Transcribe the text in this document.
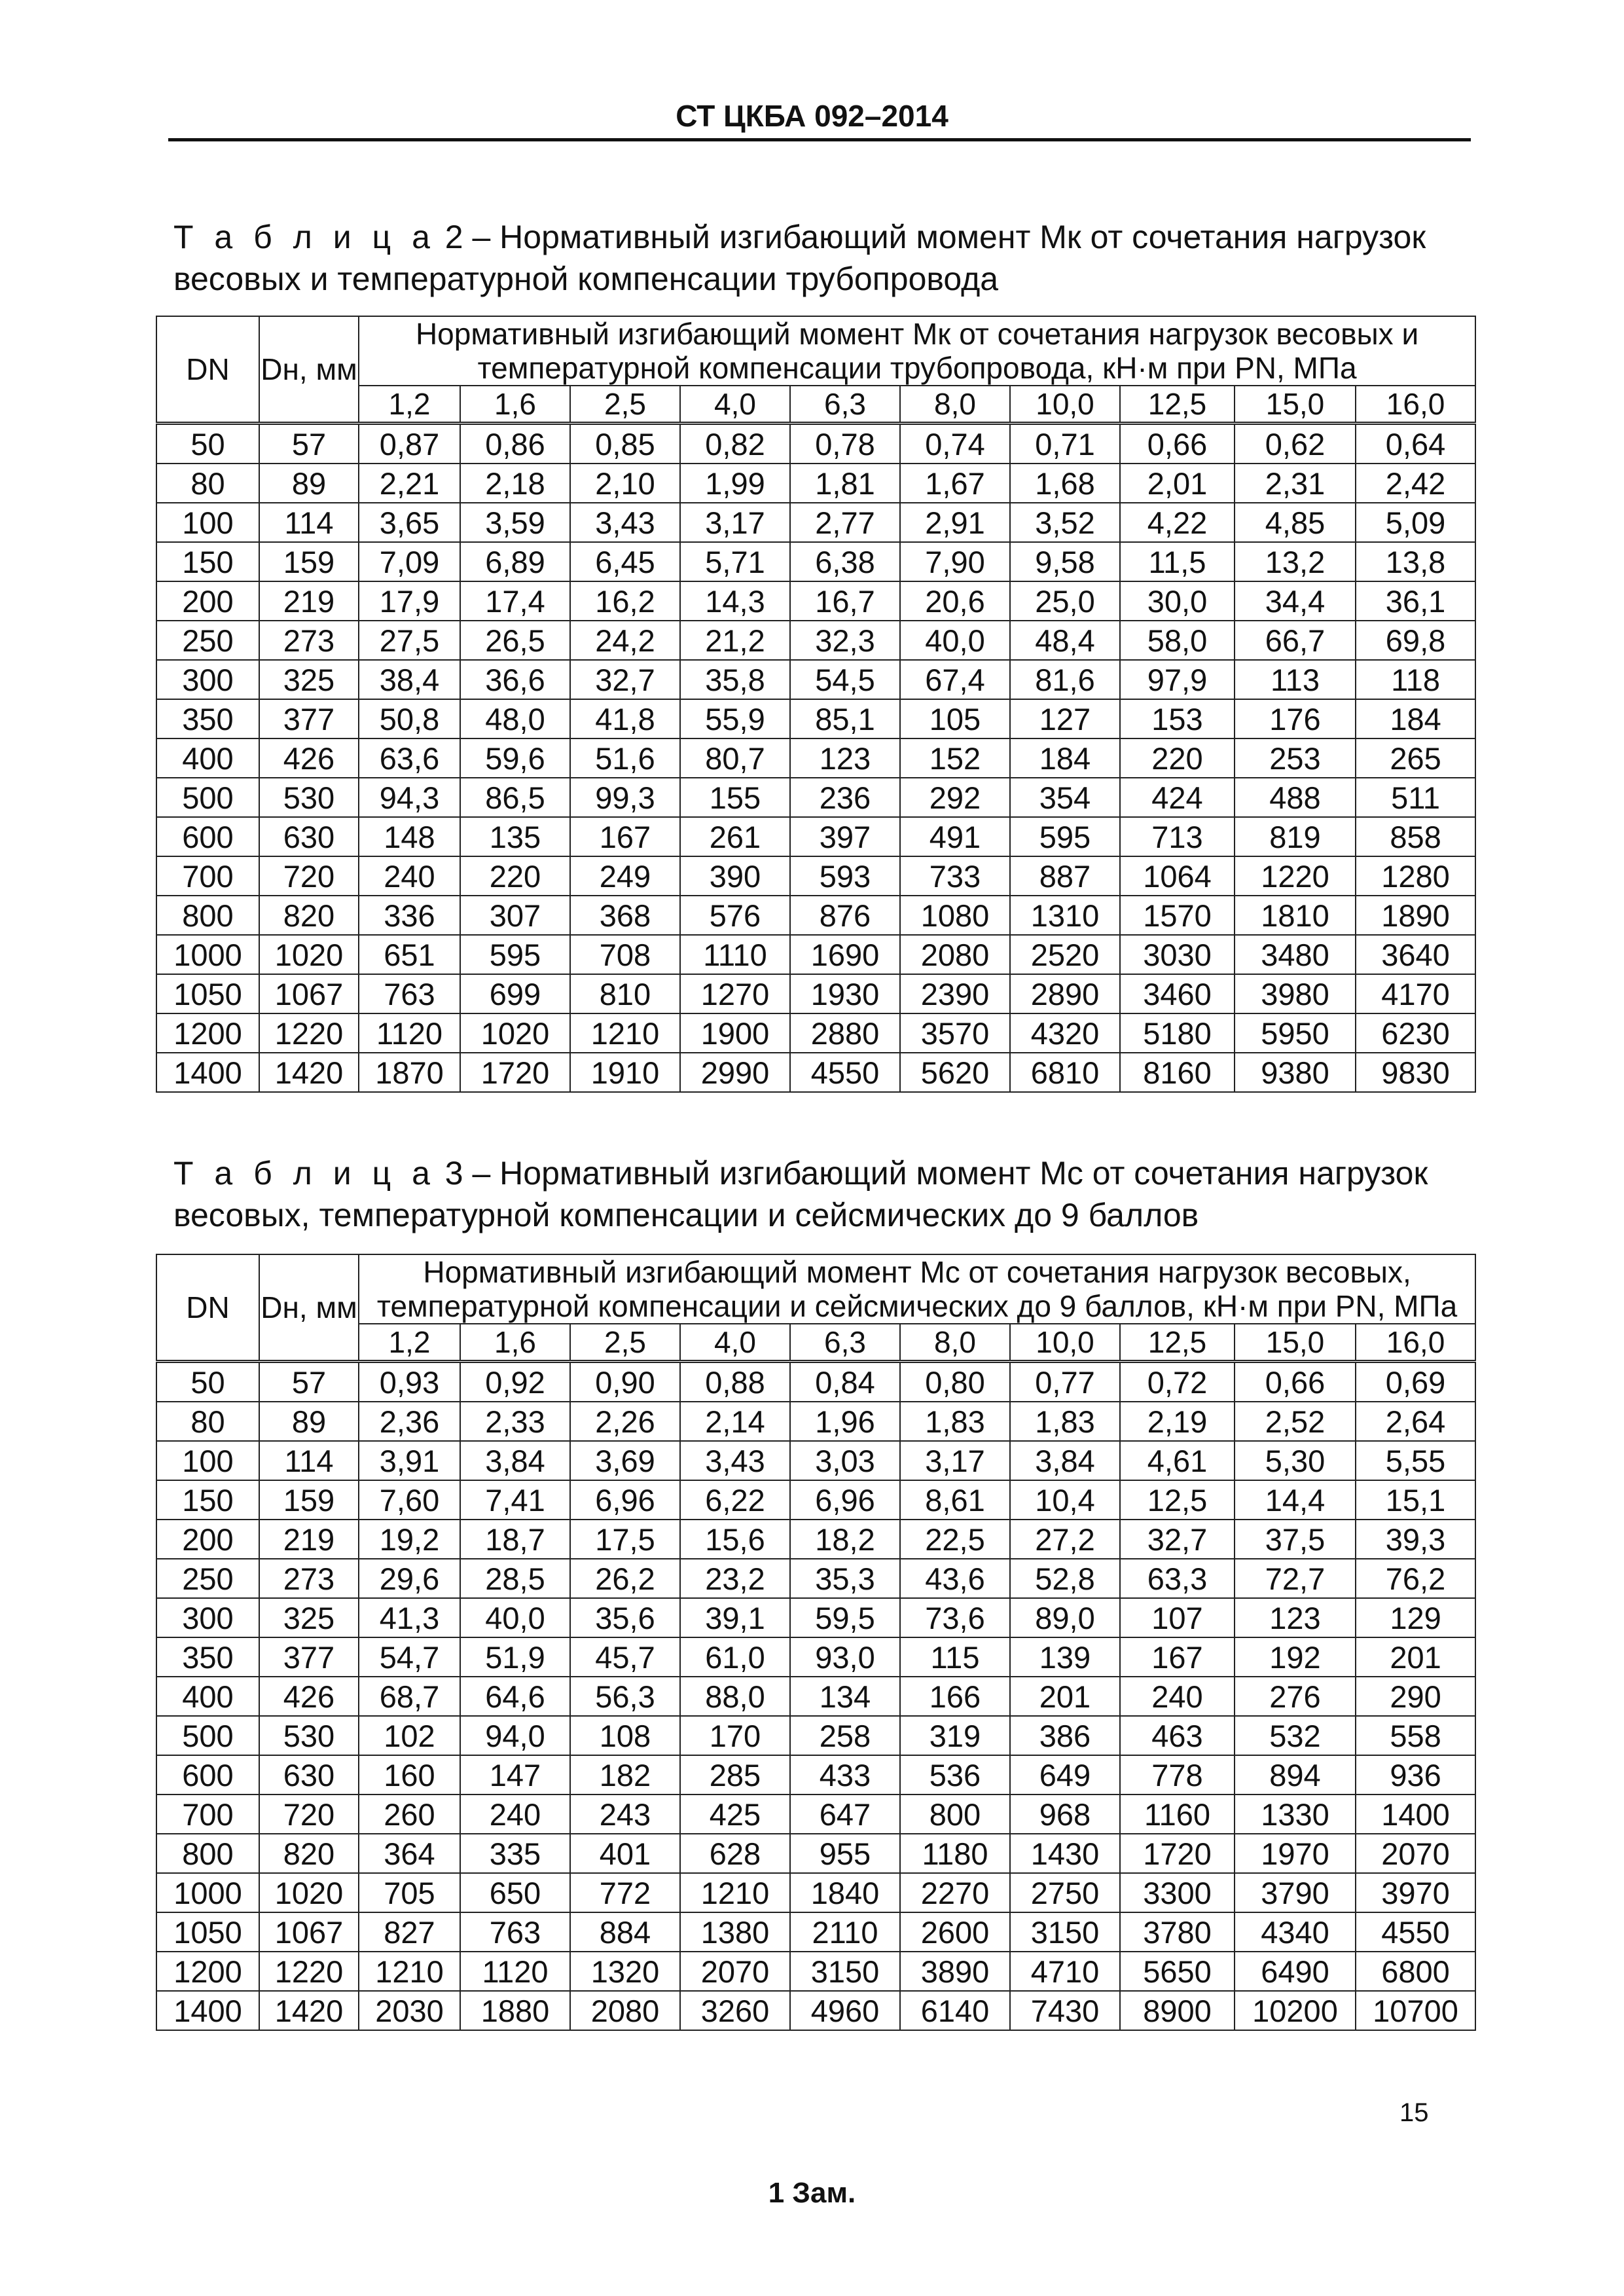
СТ ЦКБА 092–2014
Т а б л и ц а 2 – Нормативный изгибающий момент Mк от сочетания нагрузок весовых и температурной компенсации трубопровода
DN	Dн, мм	Нормативный изгибающий момент Mк от сочетания нагрузок весовых и температурной компенсации трубопровода, кН·м при PN, МПа									
		1,2	1,6	2,5	4,0	6,3	8,0	10,0	12,5	15,0	16,0
50	57	0,87	0,86	0,85	0,82	0,78	0,74	0,71	0,66	0,62	0,64
80	89	2,21	2,18	2,10	1,99	1,81	1,67	1,68	2,01	2,31	2,42
100	114	3,65	3,59	3,43	3,17	2,77	2,91	3,52	4,22	4,85	5,09
150	159	7,09	6,89	6,45	5,71	6,38	7,90	9,58	11,5	13,2	13,8
200	219	17,9	17,4	16,2	14,3	16,7	20,6	25,0	30,0	34,4	36,1
250	273	27,5	26,5	24,2	21,2	32,3	40,0	48,4	58,0	66,7	69,8
300	325	38,4	36,6	32,7	35,8	54,5	67,4	81,6	97,9	113	118
350	377	50,8	48,0	41,8	55,9	85,1	105	127	153	176	184
400	426	63,6	59,6	51,6	80,7	123	152	184	220	253	265
500	530	94,3	86,5	99,3	155	236	292	354	424	488	511
600	630	148	135	167	261	397	491	595	713	819	858
700	720	240	220	249	390	593	733	887	1064	1220	1280
800	820	336	307	368	576	876	1080	1310	1570	1810	1890
1000	1020	651	595	708	1110	1690	2080	2520	3030	3480	3640
1050	1067	763	699	810	1270	1930	2390	2890	3460	3980	4170
1200	1220	1120	1020	1210	1900	2880	3570	4320	5180	5950	6230
1400	1420	1870	1720	1910	2990	4550	5620	6810	8160	9380	9830
Т а б л и ц а 3 – Нормативный изгибающий момент Mс от сочетания нагрузок весовых, температурной компенсации и сейсмических до 9 баллов
DN	Dн, мм	Нормативный изгибающий момент Mс от сочетания нагрузок весовых, температурной компенсации и сейсмических до 9 баллов, кН·м при PN, МПа									
		1,2	1,6	2,5	4,0	6,3	8,0	10,0	12,5	15,0	16,0
50	57	0,93	0,92	0,90	0,88	0,84	0,80	0,77	0,72	0,66	0,69
80	89	2,36	2,33	2,26	2,14	1,96	1,83	1,83	2,19	2,52	2,64
100	114	3,91	3,84	3,69	3,43	3,03	3,17	3,84	4,61	5,30	5,55
150	159	7,60	7,41	6,96	6,22	6,96	8,61	10,4	12,5	14,4	15,1
200	219	19,2	18,7	17,5	15,6	18,2	22,5	27,2	32,7	37,5	39,3
250	273	29,6	28,5	26,2	23,2	35,3	43,6	52,8	63,3	72,7	76,2
300	325	41,3	40,0	35,6	39,1	59,5	73,6	89,0	107	123	129
350	377	54,7	51,9	45,7	61,0	93,0	115	139	167	192	201
400	426	68,7	64,6	56,3	88,0	134	166	201	240	276	290
500	530	102	94,0	108	170	258	319	386	463	532	558
600	630	160	147	182	285	433	536	649	778	894	936
700	720	260	240	243	425	647	800	968	1160	1330	1400
800	820	364	335	401	628	955	1180	1430	1720	1970	2070
1000	1020	705	650	772	1210	1840	2270	2750	3300	3790	3970
1050	1067	827	763	884	1380	2110	2600	3150	3780	4340	4550
1200	1220	1210	1120	1320	2070	3150	3890	4710	5650	6490	6800
1400	1420	2030	1880	2080	3260	4960	6140	7430	8900	10200	10700
15
1 Зам.
